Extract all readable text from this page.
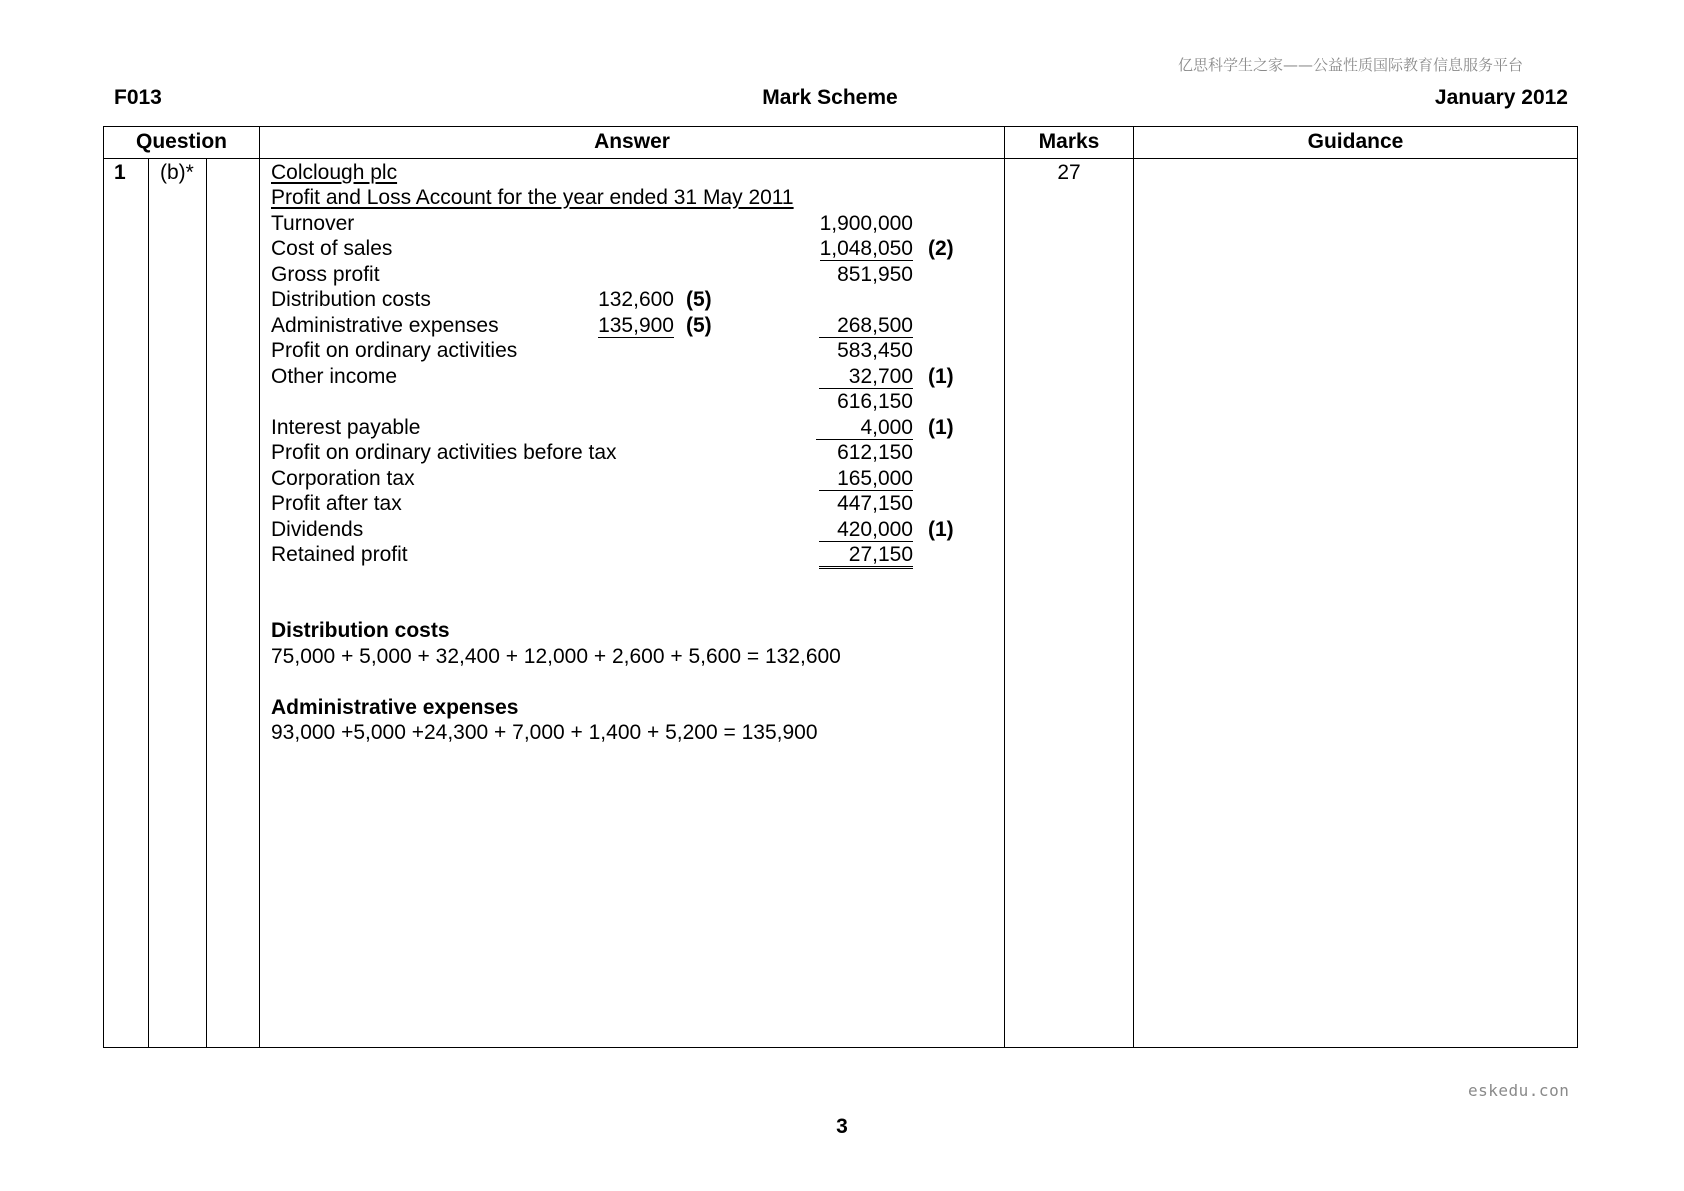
亿思科学生之家——公益性质国际教育信息服务平台
eskedu.con
F013	Mark Scheme	January 2012
Question	Answer	Marks	Guidance
1 (b)*	27
Colclough plc
Profit and Loss Account for the year ended 31 May 2011
Turnover	1,900,000
Cost of sales	1,048,050 (2)
Gross profit	851,950
Distribution costs	132,600 (5)
Administrative expenses	135,900 (5)	268,500
Profit on ordinary activities	583,450
Other income	32,700 (1)
616,150
Interest payable	4,000 (1)
Profit on ordinary activities before tax	612,150
Corporation tax	165,000
Profit after tax	447,150
Dividends	420,000 (1)
Retained profit	27,150
Distribution costs
75,000 + 5,000 + 32,400 + 12,000 + 2,600 + 5,600 = 132,600
Administrative expenses
93,000 +5,000 +24,300 + 7,000 + 1,400 + 5,200 = 135,900
3
